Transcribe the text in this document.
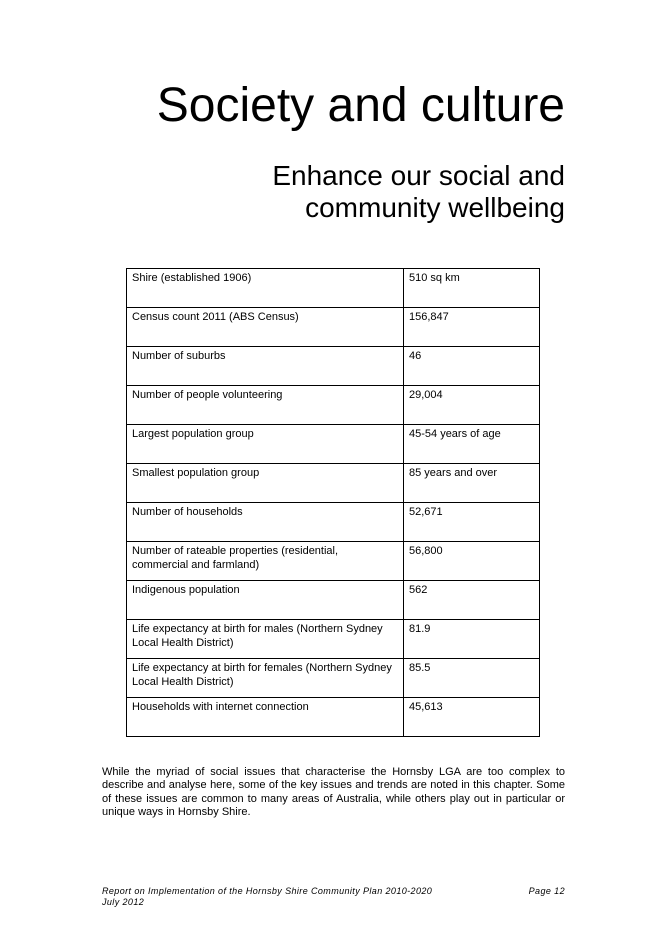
Society and culture
Enhance our social and
community wellbeing
Shire (established 1906)	510 sq km
Census count 2011 (ABS Census)	156,847
Number of suburbs	46
Number of people volunteering	29,004
Largest population group	45-54 years of age
Smallest population group	85 years and over
Number of households	52,671
Number of rateable properties (residential, commercial and farmland)	56,800
Indigenous population	562
Life expectancy at birth for males (Northern Sydney Local Health District)	81.9
Life expectancy at birth for females (Northern Sydney Local Health District)	85.5
Households with internet connection	45,613

While the myriad of social issues that characterise the Hornsby LGA are too complex to describe and analyse here, some of the key issues and trends are noted in this chapter. Some of these issues are common to many areas of Australia, while others play out in particular or unique ways in Hornsby Shire.

Report on Implementation of the Hornsby Shire Community Plan 2010-2020	Page 12
July 2012
